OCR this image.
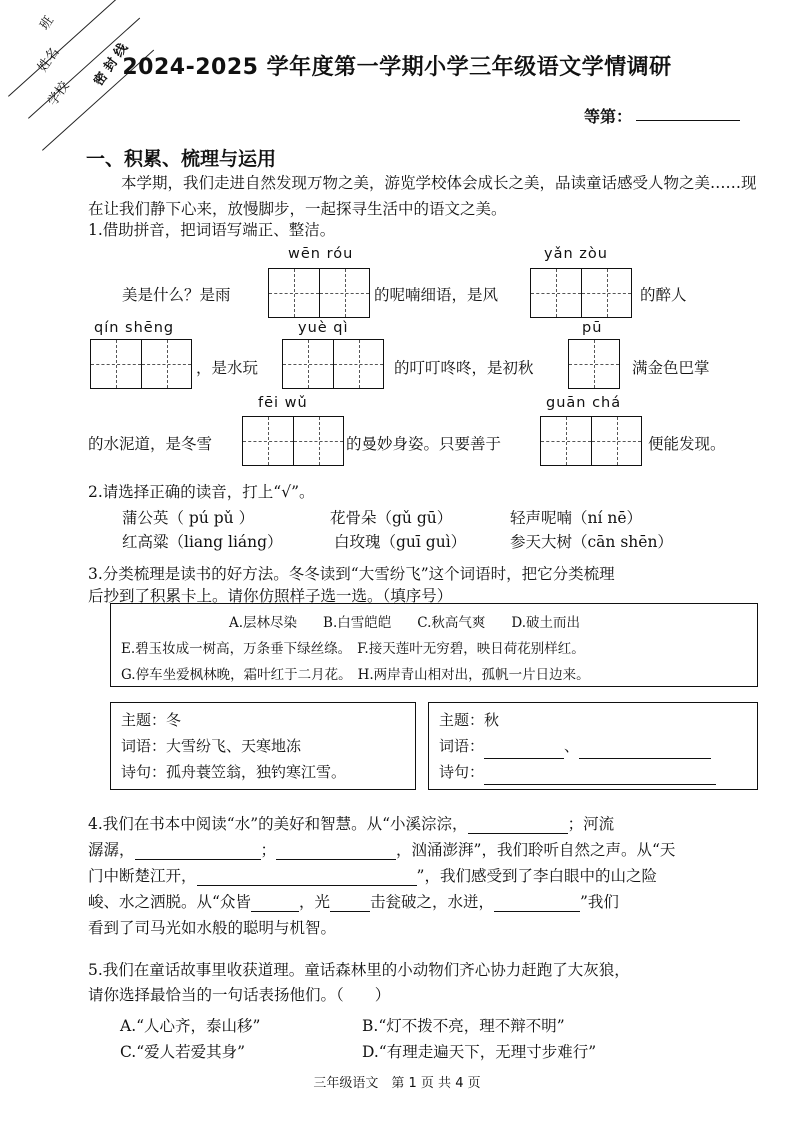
班
姓名
学校
密 封 线
2024-2025 学年度第一学期小学三年级语文学情调研
等第：
一、积累、梳理与运用
本学期，我们走进自然发现万物之美，游览学校体会成长之美，品读童话感受人物之美……现在让我们静下心来，放慢脚步，一起探寻生活中的语文之美。
1.借助拼音，把词语写端正、整洁。
wēn róu	yǎn zòu
美是什么？是雨	的呢喃细语，是风	的醉人
qín shēng	yuè qì	pū
，是水玩	的叮叮咚咚，是初秋	满金色巴掌
fēi wǔ	guān chá
的水泥道，是冬雪	的曼妙身姿。只要善于	便能发现。
2.请选择正确的读音，打上“√”。
蒲公英（ pú pǔ ）	花骨朵（gǔ gū）	轻声呢喃（ní nē）
红高粱（liang liáng）	白玫瑰（guī guì）	参天大树（cān shēn）
3.分类梳理是读书的好方法。冬冬读到“大雪纷飞”这个词语时，把它分类梳理
后抄到了积累卡上。请你仿照样子选一选。（填序号）
A.层林尽染 B.白雪皑皑 C.秋高气爽 D.破土而出
E.碧玉妆成一树高，万条垂下绿丝绦。 F.接天莲叶无穷碧，映日荷花别样红。
G.停车坐爱枫林晚，霜叶红于二月花。 H.两岸青山相对出，孤帆一片日边来。
主题：冬
词语：大雪纷飞、天寒地冻
诗句：孤舟蓑笠翁，独钓寒江雪。
主题：秋
词语：	、
诗句：
4.我们在书本中阅读“水”的美好和智慧。从“小溪淙淙，	；河流
潺潺，	；	，汹涌澎湃”，我们聆听自然之声。从“天
门中断楚江开，	”，我们感受到了李白眼中的山之险
峻、水之洒脱。从“众皆	，光	击瓮破之，水迸，	”我们
看到了司马光如水般的聪明与机智。
5.我们在童话故事里收获道理。童话森林里的小动物们齐心协力赶跑了大灰狼，
请你选择最恰当的一句话表扬他们。（　　）
A.“人心齐，泰山移”	B.“灯不拨不亮，理不辩不明”
C.“爱人若爱其身”	D.“有理走遍天下，无理寸步难行”
三年级语文　第 1 页 共 4 页
